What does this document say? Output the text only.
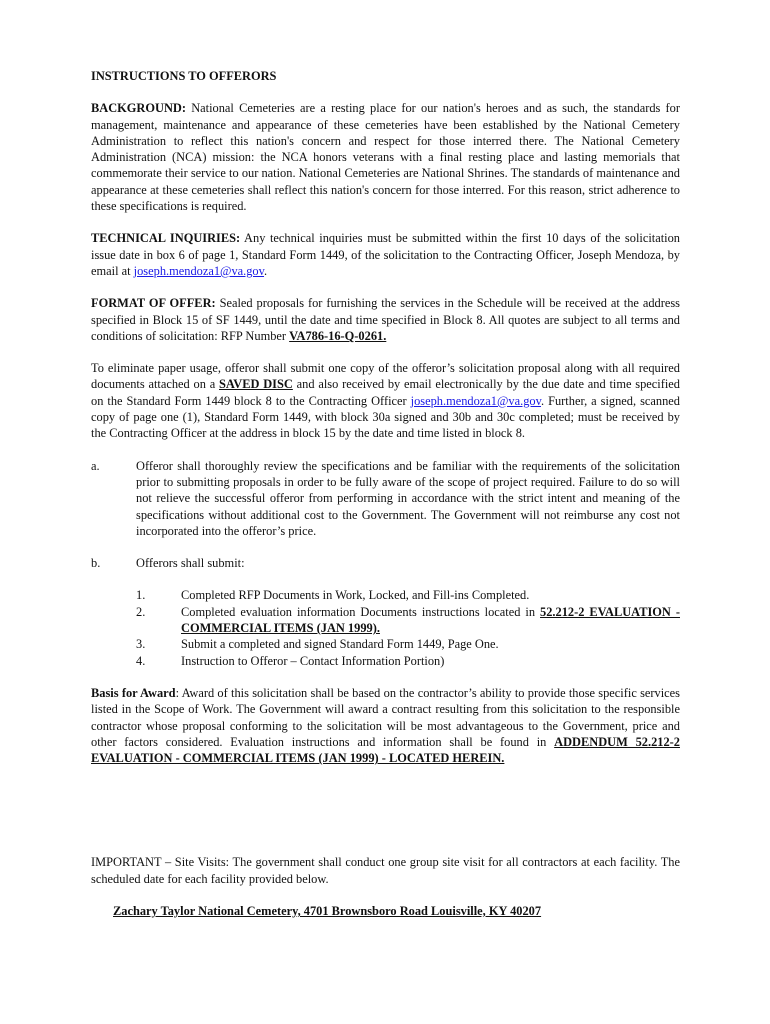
INSTRUCTIONS TO OFFERORS

BACKGROUND: National Cemeteries are a resting place for our nation's heroes and as such, the standards for management, maintenance and appearance of these cemeteries have been established by the National Cemetery Administration to reflect this nation's concern and respect for those interred there. The National Cemetery Administration (NCA) mission: the NCA honors veterans with a final resting place and lasting memorials that commemorate their service to our nation. National Cemeteries are National Shrines. The standards of maintenance and appearance at these cemeteries shall reflect this nation's concern for those interred. For this reason, strict adherence to these specifications is required.

TECHNICAL INQUIRIES: Any technical inquiries must be submitted within the first 10 days of the solicitation issue date in box 6 of page 1, Standard Form 1449, of the solicitation to the Contracting Officer, Joseph Mendoza, by email at joseph.mendoza1@va.gov.

FORMAT OF OFFER: Sealed proposals for furnishing the services in the Schedule will be received at the address specified in Block 15 of SF 1449, until the date and time specified in Block 8. All quotes are subject to all terms and conditions of solicitation: RFP Number VA786-16-Q-0261.

To eliminate paper usage, offeror shall submit one copy of the offeror’s solicitation proposal along with all required documents attached on a SAVED DISC and also received by email electronically by the due date and time specified on the Standard Form 1449 block 8 to the Contracting Officer joseph.mendoza1@va.gov. Further, a signed, scanned copy of page one (1), Standard Form 1449, with block 30a signed and 30b and 30c completed; must be received by the Contracting Officer at the address in block 15 by the date and time listed in block 8.

a.	Offeror shall thoroughly review the specifications and be familiar with the requirements of the solicitation prior to submitting proposals in order to be fully aware of the scope of project required. Failure to do so will not relieve the successful offeror from performing in accordance with the strict intent and meaning of the specifications without additional cost to the Government. The Government will not reimburse any cost not incorporated into the offeror’s price.
b.	Offerors shall submit:
1.	Completed RFP Documents in Work, Locked, and Fill-ins Completed.
2.	Completed evaluation information Documents instructions located in 52.212-2 EVALUATION - COMMERCIAL ITEMS (JAN 1999).
3.	Submit a completed and signed Standard Form 1449, Page One.
4.	Instruction to Offeror – Contact Information Portion)

Basis for Award: Award of this solicitation shall be based on the contractor’s ability to provide those specific services listed in the Scope of Work. The Government will award a contract resulting from this solicitation to the responsible contractor whose proposal conforming to the solicitation will be most advantageous to the Government, price and other factors considered. Evaluation instructions and information shall be found in ADDENDUM 52.212-2 EVALUATION - COMMERCIAL ITEMS (JAN 1999) - LOCATED HEREIN.

IMPORTANT – Site Visits: The government shall conduct one group site visit for all contractors at each facility. The scheduled date for each facility provided below.

Zachary Taylor National Cemetery, 4701 Brownsboro Road Louisville, KY 40207
